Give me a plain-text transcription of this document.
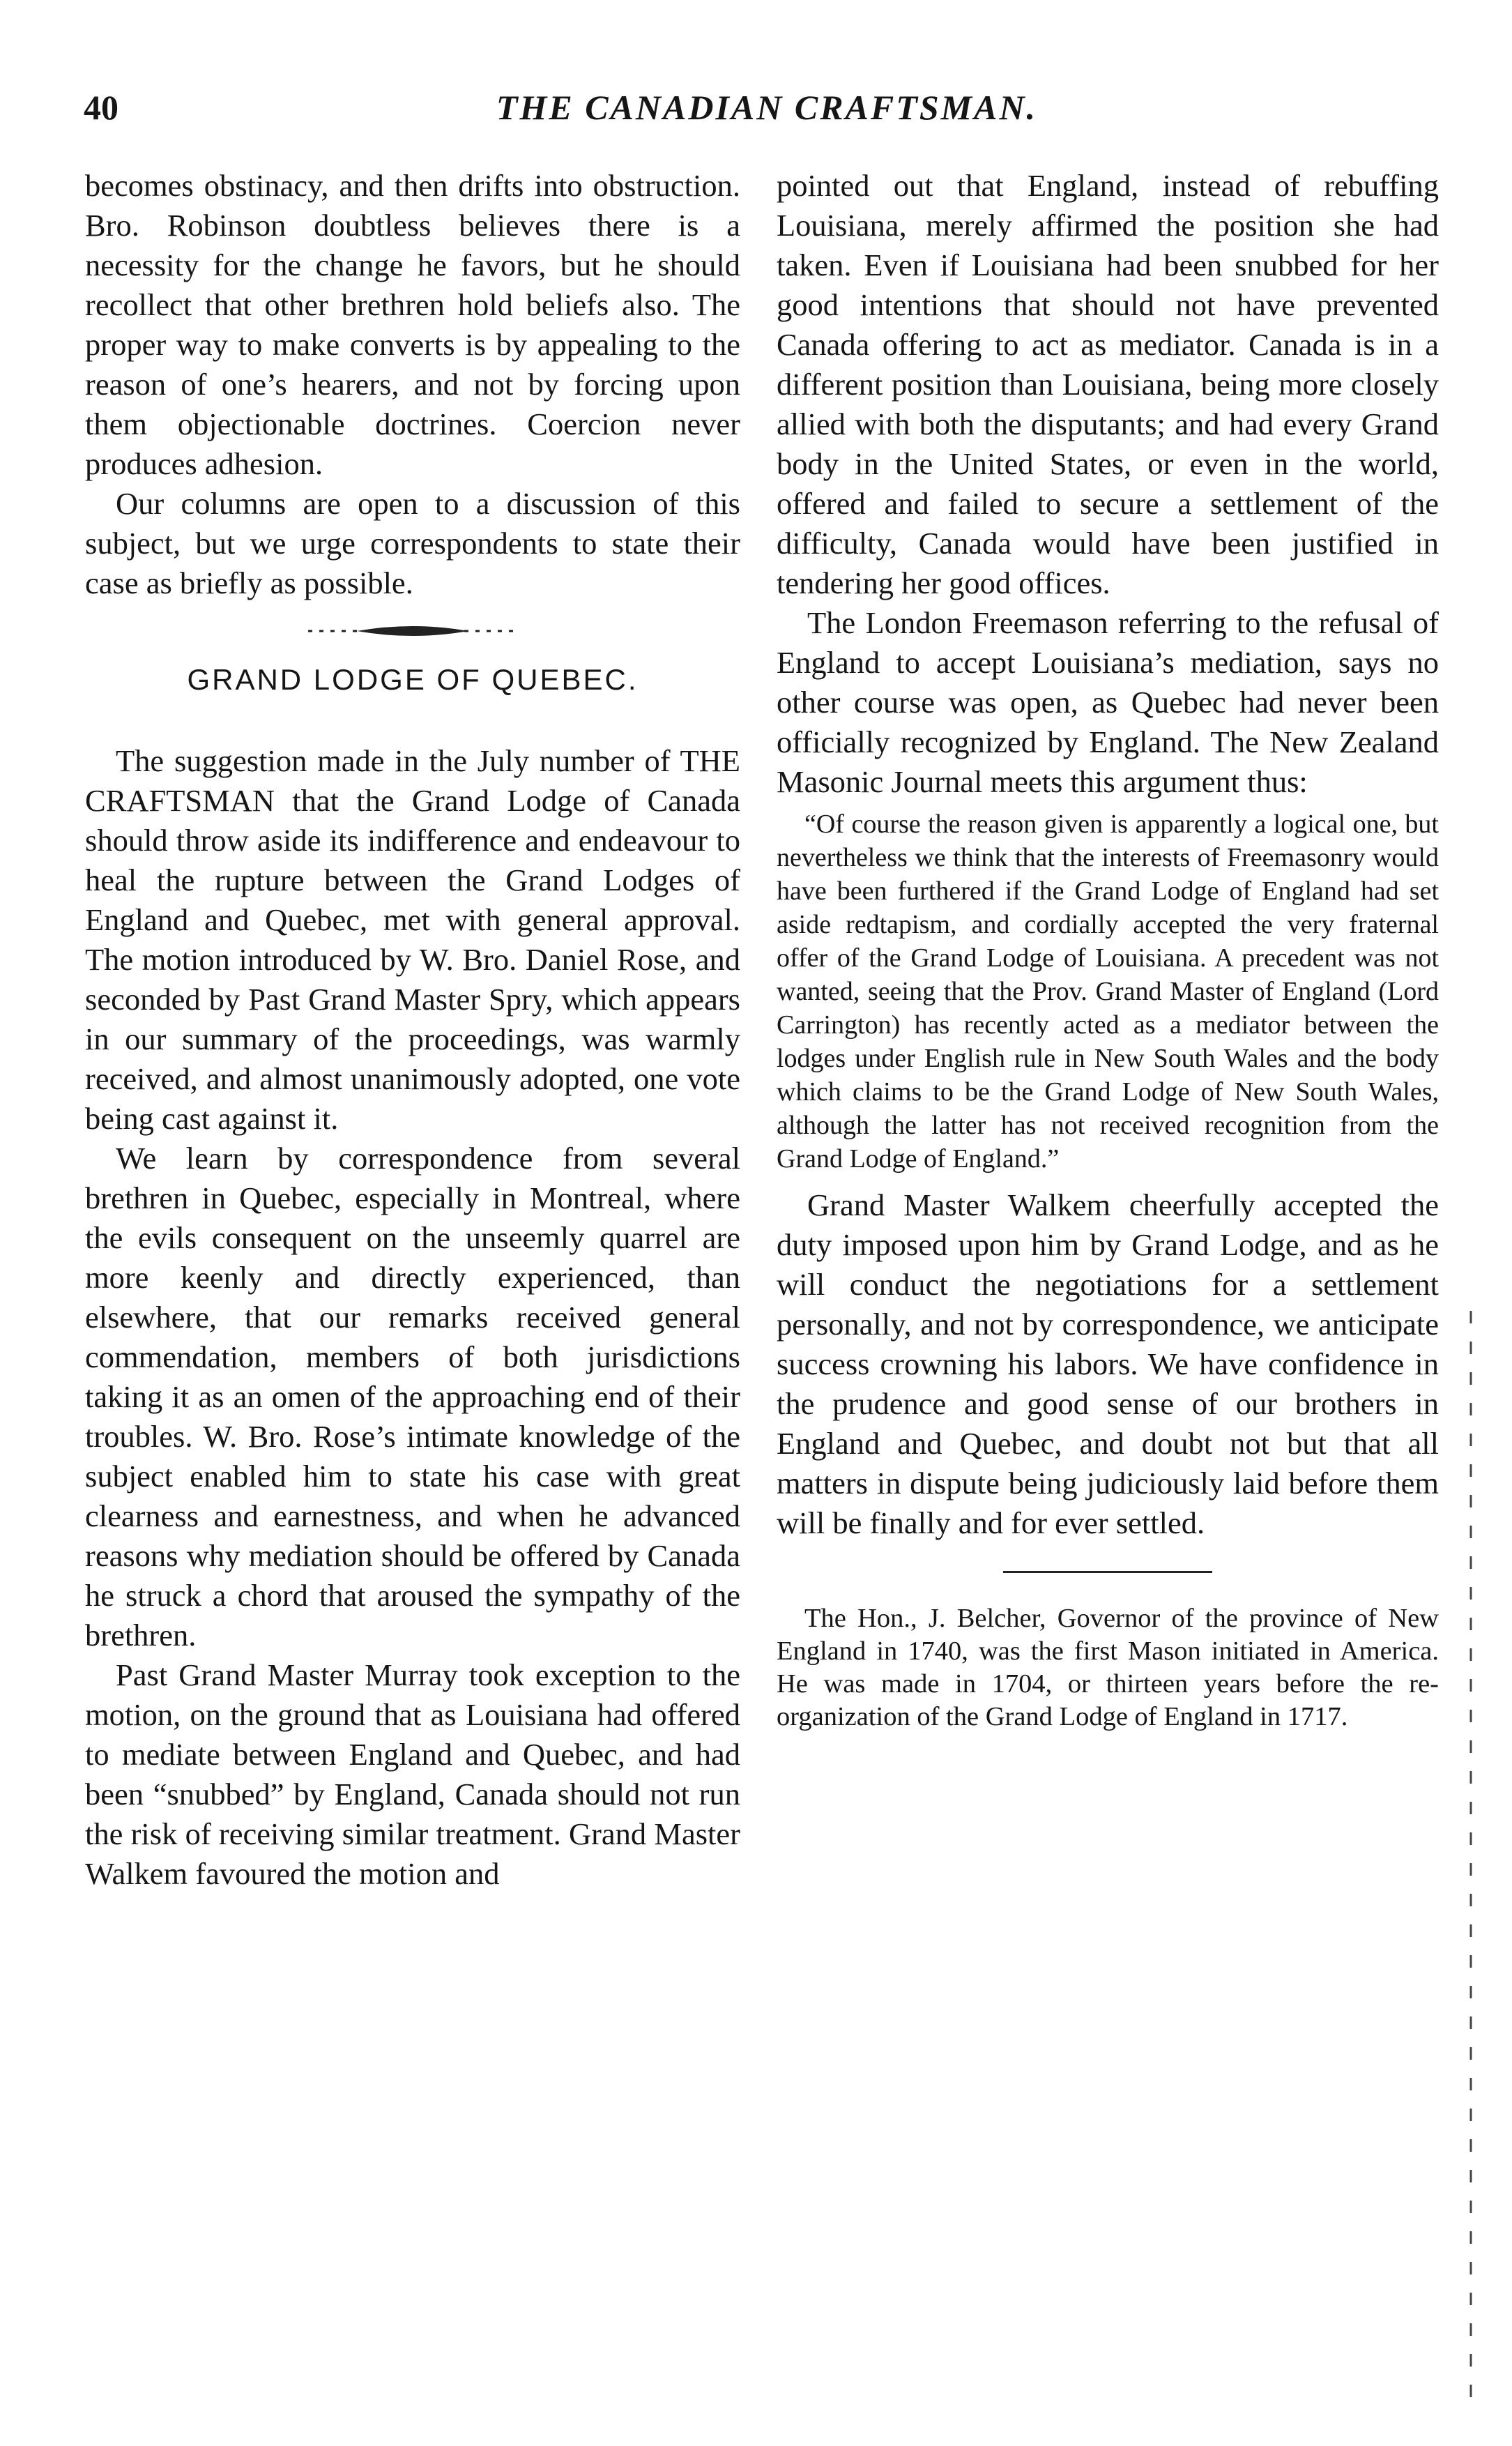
40	THE CANADIAN CRAFTSMAN.

becomes obstinacy, and then drifts into obstruction. Bro. Robinson doubtless believes there is a necessity for the change he favors, but he should recollect that other brethren hold beliefs also. The proper way to make converts is by appealing to the reason of one’s hearers, and not by forcing upon them objectionable doctrines. Coercion never produces adhesion.

Our columns are open to a discussion of this subject, but we urge correspondents to state their case as briefly as possible.

GRAND LODGE OF QUEBEC.

The suggestion made in the July number of THE CRAFTSMAN that the Grand Lodge of Canada should throw aside its indifference and endeavour to heal the rupture between the Grand Lodges of England and Quebec, met with general approval. The motion introduced by W. Bro. Daniel Rose, and seconded by Past Grand Master Spry, which appears in our summary of the proceedings, was warmly received, and almost unanimously adopted, one vote being cast against it.

We learn by correspondence from several brethren in Quebec, especially in Montreal, where the evils consequent on the unseemly quarrel are more keenly and directly experienced, than elsewhere, that our remarks received general commendation, members of both jurisdictions taking it as an omen of the approaching end of their troubles. W. Bro. Rose’s intimate knowledge of the subject enabled him to state his case with great clearness and earnestness, and when he advanced reasons why mediation should be offered by Canada he struck a chord that aroused the sympathy of the brethren.

Past Grand Master Murray took exception to the motion, on the ground that as Louisiana had offered to mediate between England and Quebec, and had been “snubbed” by England, Canada should not run the risk of receiving similar treatment. Grand Master Walkem favoured the motion and

pointed out that England, instead of rebuffing Louisiana, merely affirmed the position she had taken. Even if Louisiana had been snubbed for her good intentions that should not have prevented Canada offering to act as mediator. Canada is in a different position than Louisiana, being more closely allied with both the disputants; and had every Grand body in the United States, or even in the world, offered and failed to secure a settlement of the difficulty, Canada would have been justified in tendering her good offices.

The London Freemason referring to the refusal of England to accept Louisiana’s mediation, says no other course was open, as Quebec had never been officially recognized by England. The New Zealand Masonic Journal meets this argument thus:

“Of course the reason given is apparently a logical one, but nevertheless we think that the interests of Freemasonry would have been furthered if the Grand Lodge of England had set aside redtapism, and cordially accepted the very fraternal offer of the Grand Lodge of Louisiana. A precedent was not wanted, seeing that the Prov. Grand Master of England (Lord Carrington) has recently acted as a mediator between the lodges under English rule in New South Wales and the body which claims to be the Grand Lodge of New South Wales, although the latter has not received recognition from the Grand Lodge of England.”

Grand Master Walkem cheerfully accepted the duty imposed upon him by Grand Lodge, and as he will conduct the negotiations for a settlement personally, and not by correspondence, we anticipate success crowning his labors. We have confidence in the prudence and good sense of our brothers in England and Quebec, and doubt not but that all matters in dispute being judiciously laid before them will be finally and for ever settled.

The Hon., J. Belcher, Governor of the province of New England in 1740, was the first Mason initiated in America. He was made in 1704, or thirteen years before the re-organization of the Grand Lodge of England in 1717.
